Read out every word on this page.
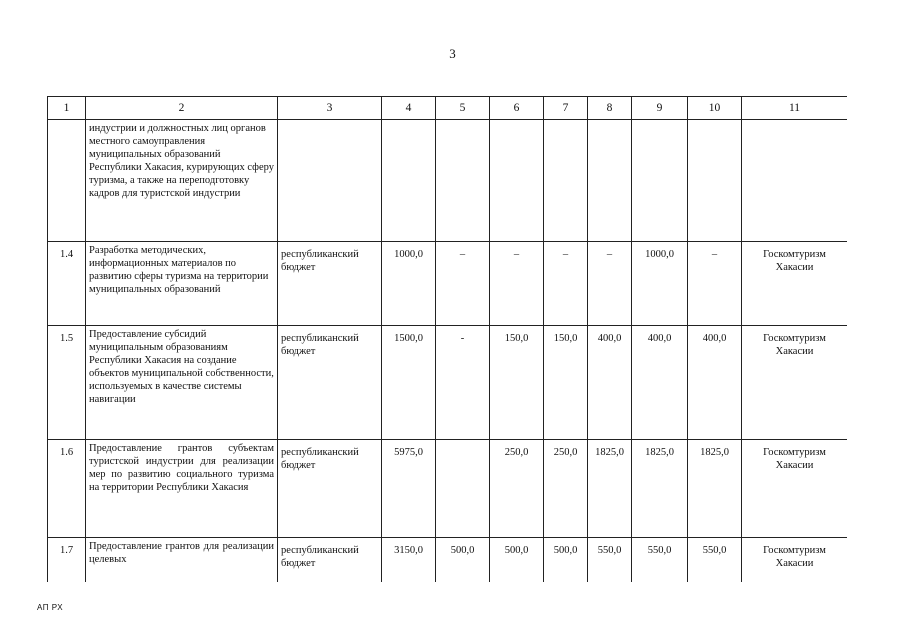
3
1	2	3	4	5	6	7	8	9	10	11
	индустрии и должностных лиц органов местного самоуправления муниципальных образований Республики Хакасия, курирующих сферу туризма, а также на переподготовку кадров для туристской индустрии									
1.4	Разработка методических, информационных материалов по развитию сферы туризма на территории муниципальных образований	республиканский бюджет	1000,0	–	–	–	–	1000,0	–	Госкомтуризм Хакасии
1.5	Предоставление субсидий муниципальным образованиям Республики Хакасия на создание объектов муниципальной собственности, используемых в качестве системы навигации	республиканский бюджет	1500,0	-	150,0	150,0	400,0	400,0	400,0	Госкомтуризм Хакасии
1.6	Предоставление грантов субъектам туристской индустрии для реализации мер по развитию социального туризма на территории Республики Хакасия	республиканский бюджет	5975,0		250,0	250,0	1825,0	1825,0	1825,0	Госкомтуризм Хакасии
1.7	Предоставление грантов для реализации целевых	республиканский бюджет	3150,0	500,0	500,0	500,0	550,0	550,0	550,0	Госкомтуризм Хакасии
АП РХ
